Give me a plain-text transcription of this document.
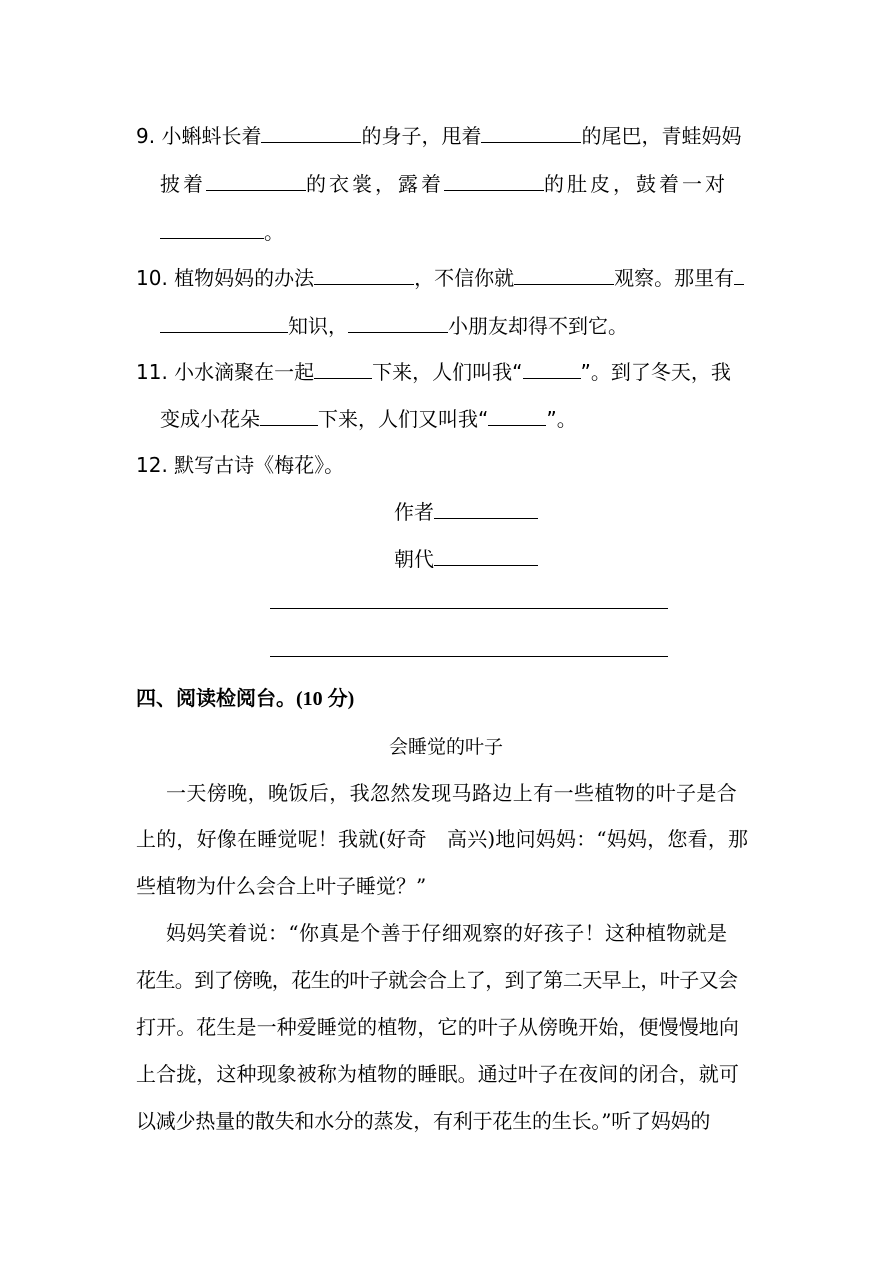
9. 小蝌蚪长着	的身子，甩着	的尾巴，青蛙妈妈
披着	的衣裳，露着	的肚皮，鼓着一对
。
10. 植物妈妈的办法	，不信你就	观察。那里有
知识，	小朋友却得不到它。
11. 小水滴聚在一起	下来，人们叫我“	”。到了冬天，我
变成小花朵	下来，人们又叫我“	”。
12. 默写古诗《梅花》。
作者
朝代
四、阅读检阅台。(10 分)
会睡觉的叶子
一天傍晚，晚饭后，我忽然发现马路边上有一些植物的叶子是合
上的，好像在睡觉呢！我就(好奇　高兴)地问妈妈：“妈妈，您看，那
些植物为什么会合上叶子睡觉？”
妈妈笑着说：“你真是个善于仔细观察的好孩子！这种植物就是
花生。到了傍晚，花生的叶子就会合上了，到了第二天早上，叶子又会
打开。花生是一种爱睡觉的植物，它的叶子从傍晚开始，便慢慢地向
上合拢，这种现象被称为植物的睡眠。通过叶子在夜间的闭合，就可
以减少热量的散失和水分的蒸发，有利于花生的生长。”听了妈妈的
